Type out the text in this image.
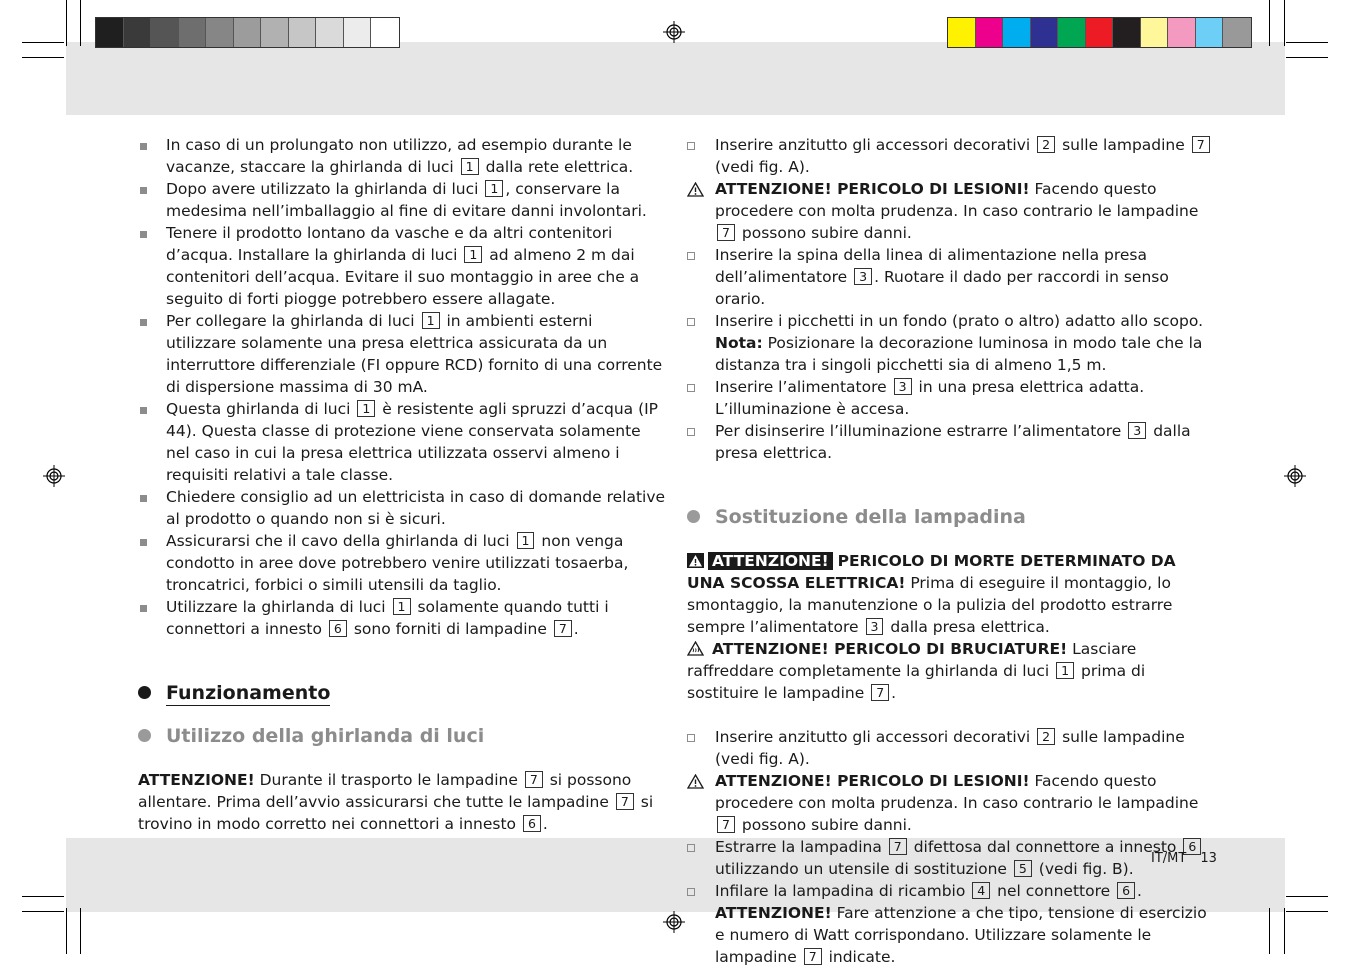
In caso di un prolungato non utilizzo, ad esempio durante le vacanze, staccare la ghirlanda di luci 1 dalla rete elettrica.
Dopo avere utilizzato la ghirlanda di luci 1 , conservare la medesima nell’imballaggio al fine di evitare danni involontari.
Tenere il prodotto lontano da vasche e da altri contenitori d’acqua. Installare la ghirlanda di luci 1 ad almeno 2 m dai contenitori dell’acqua. Evitare il suo montaggio in aree che a seguito di forti piogge potrebbero essere allagate.
Per collegare la ghirlanda di luci 1 in ambienti esterni utilizzare solamente una presa elettrica assicurata da un interruttore differenziale (FI oppure RCD) fornito di una corrente di dispersione massima di 30 mA.
Questa ghirlanda di luci 1 è resistente agli spruzzi d’acqua (IP 44). Questa classe di protezione viene conservata solamente nel caso in cui la presa elettrica utilizzata osservi almeno i requisiti relativi a tale classe.
Chiedere consiglio ad un elettricista in caso di domande relative al prodotto o quando non si è sicuri.
Assicurarsi che il cavo della ghirlanda di luci 1 non venga condotto in aree dove potrebbero venire utilizzati tosaerba, troncatrici, forbici o simili utensili da taglio.
Utilizzare la ghirlanda di luci 1 solamente quando tutti i connettori a innesto 6 sono forniti di lampadine 7 .
Funzionamento
Utilizzo della ghirlanda di luci
ATTENZIONE! Durante il trasporto le lampadine 7 si possono allentare. Prima dell’avvio assicurarsi che tutte le lampadine 7 si trovino in modo corretto nei connettori a innesto 6 .
Inserire anzitutto gli accessori decorativi 2 sulle lampadine 7 (vedi fig. A).
ATTENZIONE! PERICOLO DI LESIONI! Facendo questo procedere con molta prudenza. In caso contrario le lampadine 7 possono subire danni.
Inserire la spina della linea di alimentazione nella presa dell’alimentatore 3 . Ruotare il dado per raccordi in senso orario.
Inserire i picchetti in un fondo (prato o altro) adatto allo scopo.
Nota: Posizionare la decorazione luminosa in modo tale che la distanza tra i singoli picchetti sia di almeno 1,5 m.
Inserire l’alimentatore 3 in una presa elettrica adatta. L’illuminazione è accesa.
Per disinserire l’illuminazione estrarre l’alimentatore 3 dalla presa elettrica.
Sostituzione della lampadina
ATTENZIONE! PERICOLO DI MORTE DETERMINATO DA UNA SCOSSA ELETTRICA! Prima di eseguire il montaggio, lo smontaggio, la manutenzione o la pulizia del prodotto estrarre sempre l’alimentatore 3 dalla presa elettrica.
ATTENZIONE! PERICOLO DI BRUCIATURE! Lasciare raffreddare completamente la ghirlanda di luci 1 prima di sostituire le lampadine 7 .
Inserire anzitutto gli accessori decorativi 2 sulle lampadine (vedi fig. A).
ATTENZIONE! PERICOLO DI LESIONI! Facendo questo procedere con molta prudenza. In caso contrario le lampadine 7 possono subire danni.
Estrarre la lampadina 7 difettosa dal connettore a innesto 6 utilizzando un utensile di sostituzione 5 (vedi fig. B).
Infilare la lampadina di ricambio 4 nel connettore 6 .
ATTENZIONE! Fare attenzione a che tipo, tensione di esercizio e numero di Watt corrispondano. Utilizzare solamente le lampadine 7 indicate.
IT/MT 13
